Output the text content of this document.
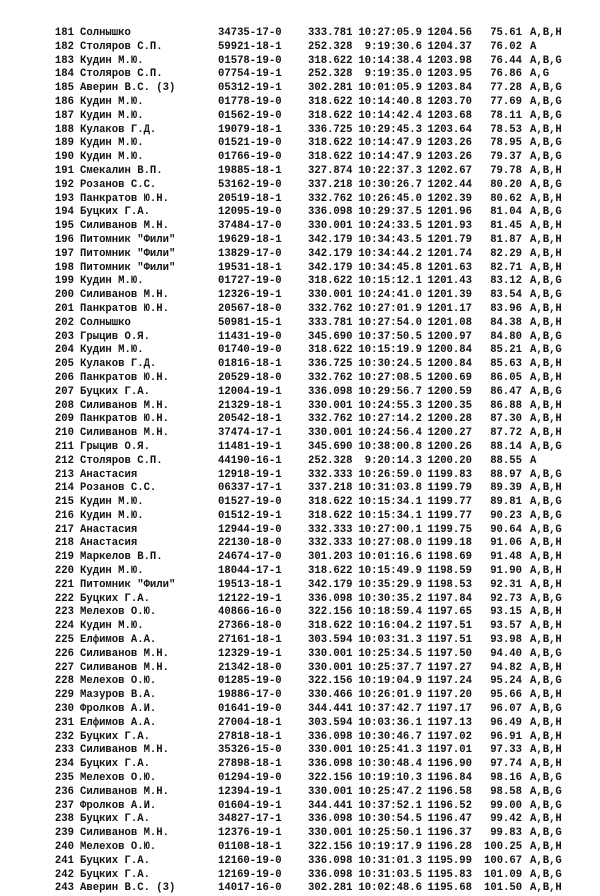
181 Солнышко	34735-17-0 333.781 10:27:05.9 1204.56	75.61 A,B,H
182 Столяров С.П.	59921-18-1 252.328	9:19:30.6 1204.37	76.02 A
183 Кудин М.Ю.	01578-19-0 318.622 10:14:38.4 1203.98	76.44 A,B,G
184 Столяров С.П.	07754-19-1 252.328	9:19:35.0 1203.95	76.86 A,G
185 Аверин В.С. (3)	05312-19-1 302.281 10:01:05.9 1203.84	77.28 A,B,G
186 Кудин М.Ю.	01778-19-0 318.622 10:14:40.8 1203.70	77.69 A,B,G
187 Кудин М.Ю.	01562-19-0 318.622 10:14:42.4 1203.68	78.11 A,B,G
188 Кулаков Г.Д.	19079-18-1 336.725 10:29:45.3 1203.64	78.53 A,B,H
189 Кудин М.Ю.	01521-19-0 318.622 10:14:47.9 1203.26	78.95 A,B,G
190 Кудин М.Ю.	01766-19-0 318.622 10:14:47.9 1203.26	79.37 A,B,G
191 Смекалин В.П.	19885-18-1 327.874 10:22:37.3 1202.67	79.78 A,B,H
192 Розанов С.С.	53162-19-0 337.218 10:30:26.7 1202.44	80.20 A,B,G
193 Панкратов Ю.Н.	20519-18-1 332.762 10:26:45.0 1202.39	80.62 A,B,H
194 Буцких Г.А.	12095-19-0 336.098 10:29:37.5 1201.96	81.04 A,B,G
195 Силиванов М.Н.	37484-17-0 330.001 10:24:33.5 1201.93	81.45 A,B,H
196 Питомник "Фили"	19629-18-1 342.179 10:34:43.5 1201.79	81.87 A,B,H
197 Питомник "Фили"	13829-17-0 342.179 10:34:44.2 1201.74	82.29 A,B,H
198 Питомник "Фили"	19531-18-1 342.179 10:34:45.8 1201.63	82.71 A,B,H
199 Кудин М.Ю.	01727-19-0 318.622 10:15:12.1 1201.43	83.12 A,B,G
200 Силиванов М.Н.	12326-19-1 330.001 10:24:41.0 1201.39	83.54 A,B,G
201 Панкратов Ю.Н.	20567-18-0 332.762 10:27:01.9 1201.17	83.96 A,B,H
202 Солнышко	50981-15-1 333.781 10:27:54.0 1201.08	84.38 A,B,H
203 Грыцив О.Я.	11431-19-0 345.690 10:37:50.5 1200.97	84.80 A,B,G
204 Кудин М.Ю.	01740-19-0 318.622 10:15:19.9 1200.84	85.21 A,B,G
205 Кулаков Г.Д.	01816-18-1 336.725 10:30:24.5 1200.84	85.63 A,B,H
206 Панкратов Ю.Н.	20529-18-0 332.762 10:27:08.5 1200.69	86.05 A,B,H
207 Буцких Г.А.	12004-19-1 336.098 10:29:56.7 1200.59	86.47 A,B,G
208 Силиванов М.Н.	21329-18-1 330.001 10:24:55.3 1200.35	86.88 A,B,H
209 Панкратов Ю.Н.	20542-18-1 332.762 10:27:14.2 1200.28	87.30 A,B,H
210 Силиванов М.Н.	37474-17-1 330.001 10:24:56.4 1200.27	87.72 A,B,H
211 Грыцив О.Я.	11481-19-1 345.690 10:38:00.8 1200.26	88.14 A,B,G
212 Столяров С.П.	44190-16-1 252.328	9:20:14.3 1200.20	88.55 A
213 Анастасия	12918-19-1 332.333 10:26:59.0 1199.83	88.97 A,B,G
214 Розанов С.С.	06337-17-1 337.218 10:31:03.8 1199.79	89.39 A,B,H
215 Кудин М.Ю.	01527-19-0 318.622 10:15:34.1 1199.77	89.81 A,B,G
216 Кудин М.Ю.	01512-19-1 318.622 10:15:34.1 1199.77	90.23 A,B,G
217 Анастасия	12944-19-0 332.333 10:27:00.1 1199.75	90.64 A,B,G
218 Анастасия	22130-18-0 332.333 10:27:08.0 1199.18	91.06 A,B,H
219 Маркелов В.П.	24674-17-0 301.203 10:01:16.6 1198.69	91.48 A,B,H
220 Кудин М.Ю.	18044-17-1 318.622 10:15:49.9 1198.59	91.90 A,B,H
221 Питомник "Фили"	19513-18-1 342.179 10:35:29.9 1198.53	92.31 A,B,H
222 Буцких Г.А.	12122-19-1 336.098 10:30:35.2 1197.84	92.73 A,B,G
223 Мелехов О.Ю.	40866-16-0 322.156 10:18:59.4 1197.65	93.15 A,B,H
224 Кудин М.Ю.	27366-18-0 318.622 10:16:04.2 1197.51	93.57 A,B,H
225 Елфимов А.А.	27161-18-1 303.594 10:03:31.3 1197.51	93.98 A,B,H
226 Силиванов М.Н.	12329-19-1 330.001 10:25:34.5 1197.50	94.40 A,B,G
227 Силиванов М.Н.	21342-18-0 330.001 10:25:37.7 1197.27	94.82 A,B,H
228 Мелехов О.Ю.	01285-19-0 322.156 10:19:04.9 1197.24	95.24 A,B,G
229 Мазуров В.А.	19886-17-0 330.466 10:26:01.9 1197.20	95.66 A,B,H
230 Фролков А.И.	01641-19-0 344.441 10:37:42.7 1197.17	96.07 A,B,G
231 Елфимов А.А.	27004-18-1 303.594 10:03:36.1 1197.13	96.49 A,B,H
232 Буцких Г.А.	27818-18-1 336.098 10:30:46.7 1197.02	96.91 A,B,H
233 Силиванов М.Н.	35326-15-0 330.001 10:25:41.3 1197.01	97.33 A,B,H
234 Буцких Г.А.	27898-18-1 336.098 10:30:48.4 1196.90	97.74 A,B,H
235 Мелехов О.Ю.	01294-19-0 322.156 10:19:10.3 1196.84	98.16 A,B,G
236 Силиванов М.Н.	12394-19-1 330.001 10:25:47.2 1196.58	98.58 A,B,G
237 Фролков А.И.	01604-19-1 344.441 10:37:52.1 1196.52	99.00 A,B,G
238 Буцких Г.А.	34827-17-1 336.098 10:30:54.5 1196.47	99.42 A,B,H
239 Силиванов М.Н.	12376-19-1 330.001 10:25:50.1 1196.37	99.83 A,B,G
240 Мелехов О.Ю.	01108-18-1 322.156 10:19:17.9 1196.28 100.25 A,B,H
241 Буцких Г.А.	12160-19-0 336.098 10:31:01.3 1195.99 100.67 A,B,G
242 Буцких Г.А.	12169-19-0 336.098 10:31:03.5 1195.83 101.09 A,B,G
243 Аверин В.С. (3)	14017-16-0 302.281 10:02:48.6 1195.68 101.50 A,B,H
